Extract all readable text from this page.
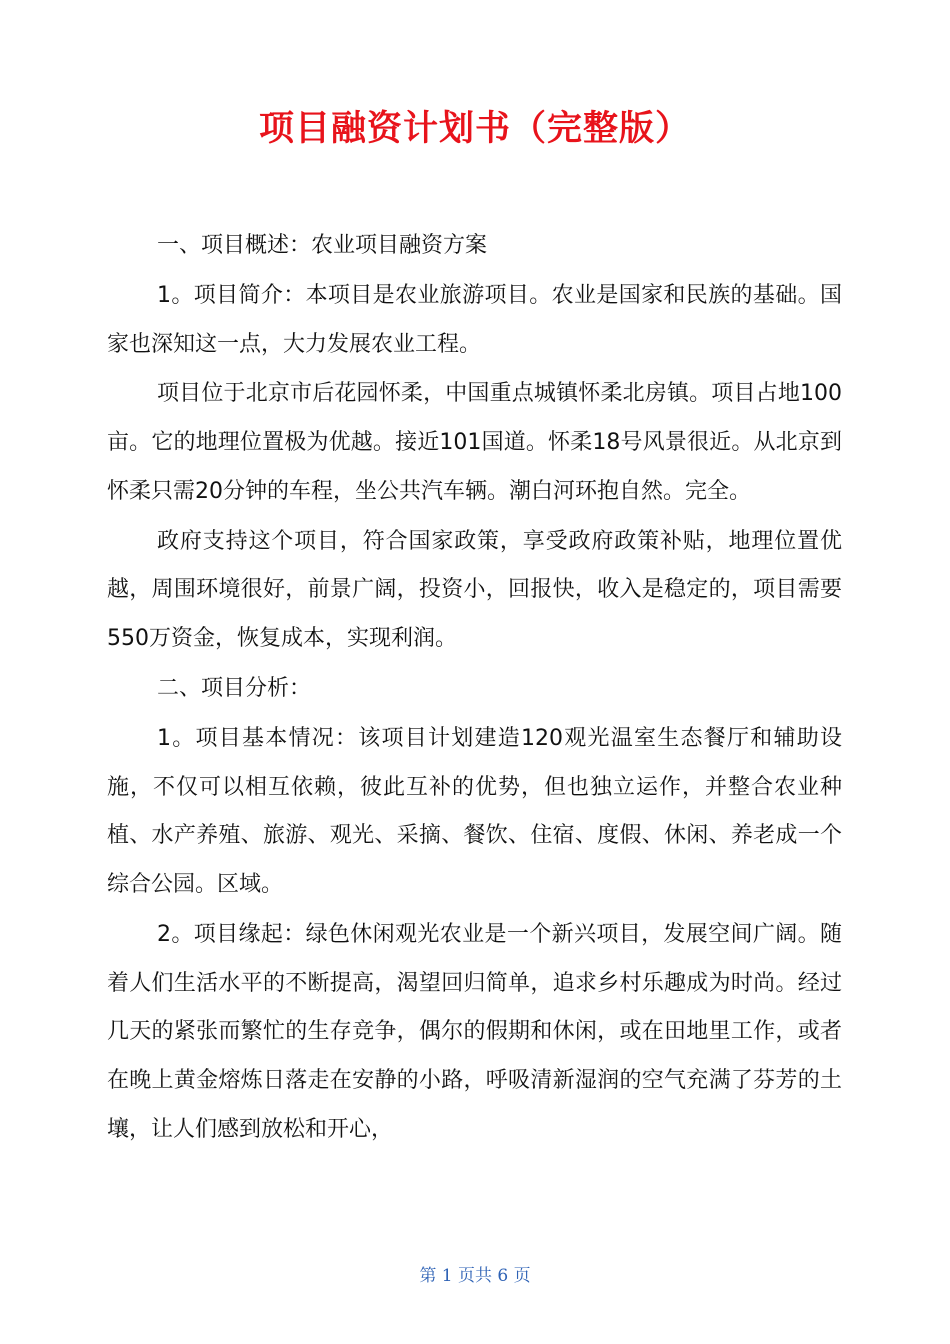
项目融资计划书（完整版）

一、项目概述：农业项目融资方案

1。项目简介：本项目是农业旅游项目。农业是国家和民族的基础。国家也深知这一点，大力发展农业工程。

项目位于北京市后花园怀柔，中国重点城镇怀柔北房镇。项目占地100亩。它的地理位置极为优越。接近101国道。怀柔18号风景很近。从北京到怀柔只需20分钟的车程，坐公共汽车辆。潮白河环抱自然。完全。

政府支持这个项目，符合国家政策，享受政府政策补贴，地理位置优越，周围环境很好，前景广阔，投资小，回报快，收入是稳定的，项目需要550万资金，恢复成本，实现利润。

二、项目分析：

1。项目基本情况：该项目计划建造120观光温室生态餐厅和辅助设施，不仅可以相互依赖，彼此互补的优势，但也独立运作，并整合农业种植、水产养殖、旅游、观光、采摘、餐饮、住宿、度假、休闲、养老成一个综合公园。区域。

2。项目缘起：绿色休闲观光农业是一个新兴项目，发展空间广阔。随着人们生活水平的不断提高，渴望回归简单，追求乡村乐趣成为时尚。经过几天的紧张而繁忙的生存竞争，偶尔的假期和休闲，或在田地里工作，或者在晚上黄金熔炼日落走在安静的小路，呼吸清新湿润的空气充满了芬芳的土壤，让人们感到放松和开心，

第 1 页共 6 页
